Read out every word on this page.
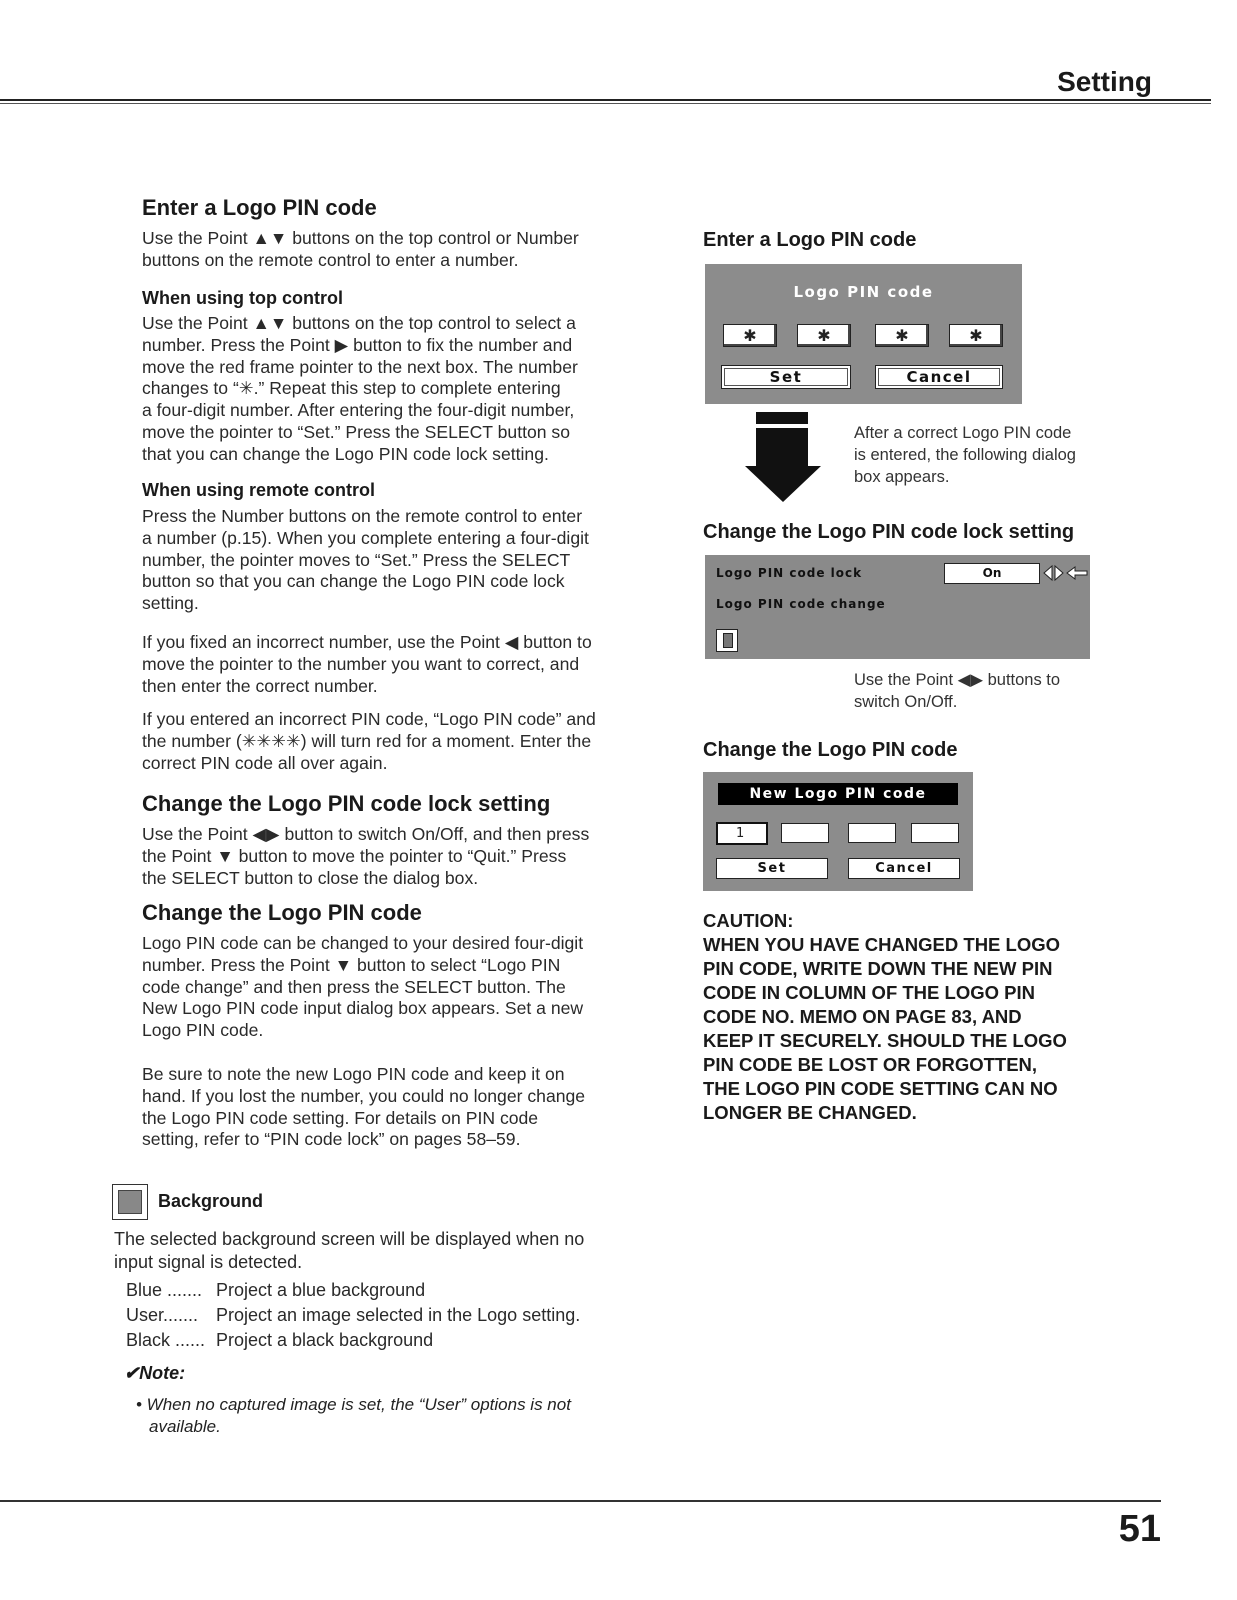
Setting
Enter a Logo PIN code
Use the Point ▲▼ buttons on the top control or Number
buttons on the remote control to enter a number.
When using top control
Use the Point ▲▼ buttons on the top control to select a
number. Press the Point ▶ button to fix the number and
move the red frame pointer to the next box. The number
changes to “✳.” Repeat this step to complete entering
a four-digit number. After entering the four-digit number,
move the pointer to “Set.” Press the SELECT button so
that you can change the Logo PIN code lock setting.
When using remote control
Press the Number buttons on the remote control to enter
a number (p.15). When you complete entering a four-digit
number, the pointer moves to “Set.” Press the SELECT
button so that you can change the Logo PIN code lock
setting.
If you fixed an incorrect number, use the Point ◀ button to
move the pointer to the number you want to correct, and
then enter the correct number.
If you entered an incorrect PIN code, “Logo PIN code” and
the number (✳✳✳✳) will turn red for a moment. Enter the
correct PIN code all over again.
Change the Logo PIN code lock setting
Use the Point ◀▶ button to switch On/Off, and then press
the Point ▼ button to move the pointer to “Quit.” Press
the SELECT button to close the dialog box.
Change the Logo PIN code
Logo PIN code can be changed to your desired four-digit
number. Press the Point ▼ button to select “Logo PIN
code change” and then press the SELECT button. The
New Logo PIN code input dialog box appears. Set a new
Logo PIN code.
Be sure to note the new Logo PIN code and keep it on
hand. If you lost the number, you could no longer change
the Logo PIN code setting. For details on PIN code
setting, refer to “PIN code lock” on pages 58–59.
Background
The selected background screen will be displayed when no
input signal is detected.
Blue ....... Project a blue background
User....... Project an image selected in the Logo setting.
Black ...... Project a black background
✔Note:
• When no captured image is set, the “User” options is not
available.
Enter a Logo PIN code
Logo PIN code
✱	✱	✱	✱
Set	Cancel
After a correct Logo PIN code
is entered, the following dialog
box appears.
Change the Logo PIN code lock setting
Logo PIN code lock	On
Logo PIN code change
Use the Point ◀▶ buttons to
switch On/Off.
Change the Logo PIN code
New Logo PIN code
1
Set	Cancel
CAUTION:
WHEN YOU HAVE CHANGED THE LOGO
PIN CODE, WRITE DOWN THE NEW PIN
CODE IN COLUMN OF THE LOGO PIN
CODE NO. MEMO ON PAGE 83, AND
KEEP IT SECURELY. SHOULD THE LOGO
PIN CODE BE LOST OR FORGOTTEN,
THE LOGO PIN CODE SETTING CAN NO
LONGER BE CHANGED.
51
